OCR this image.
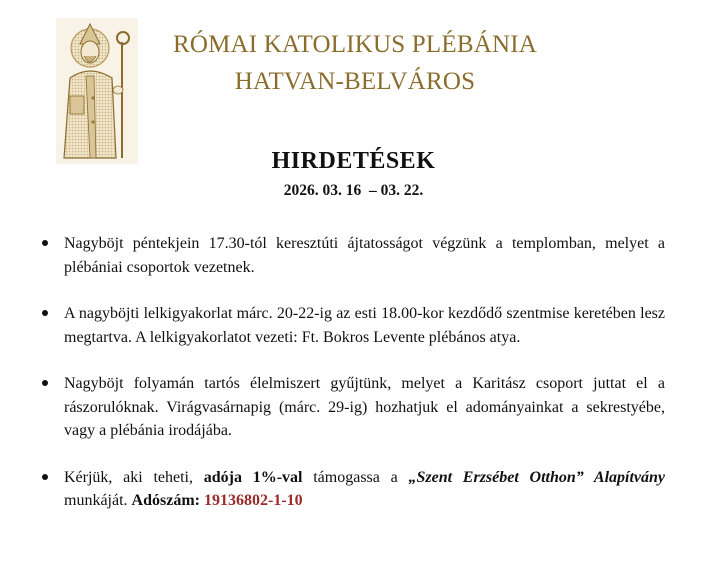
RÓMAI KATOLIKUS PLÉBÁNIA
HATVAN-BELVÁROS
HIRDETÉSEK
2026. 03. 16  – 03. 22.
Nagyböjt péntekjein 17.30-tól keresztúti ájtatosságot végzünk a templomban, melyet a plébániai csoportok vezetnek.
A nagyböjti lelkigyakorlat márc. 20-22-ig az esti 18.00-kor kezdődő szentmise keretében lesz megtartva. A lelkigyakorlatot vezeti: Ft. Bokros Levente plébános atya.
Nagyböjt folyamán tartós élelmiszert gyűjtünk, melyet a Karitász csoport juttat el a rászorulóknak. Virágvasárnapig (márc. 29-ig) hozhatjuk el adományainkat a sekrestyébe, vagy a plébánia irodájába.
Kérjük, aki teheti, adója 1%-val támogassa a „Szent Erzsébet Otthon” Alapítvány munkáját. Adószám: 19136802-1-10
